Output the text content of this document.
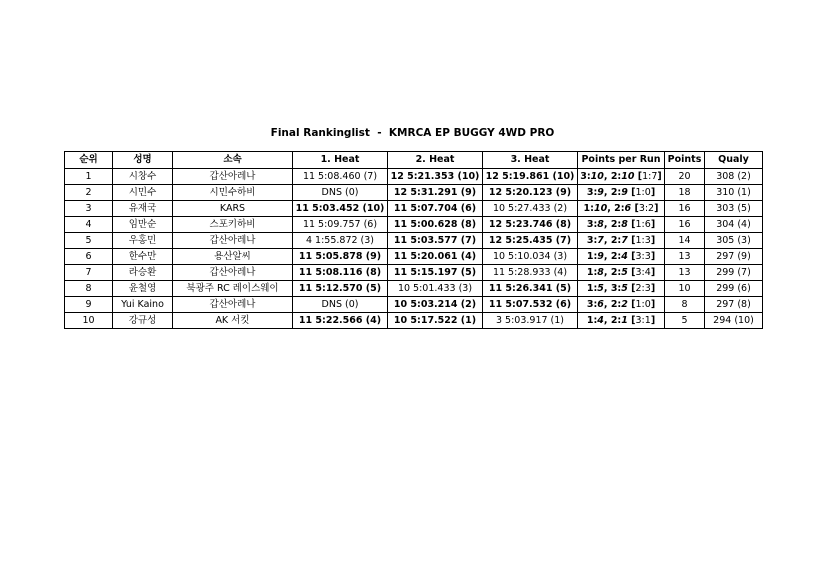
Final Rankinglist  -  KMRCA EP BUGGY 4WD PRO
순위	성명	소속	1. Heat	2. Heat	3. Heat	Points per Run	Points	Qualy
1	시창수	갑산아레나	11 5:08.460 (7)	12 5:21.353 (10)	12 5:19.861 (10)	3:10, 2:10 [1:7]	20	308 (2)
2	시민수	시민수하비	DNS (0)	12 5:31.291 (9)	12 5:20.123 (9)	3:9, 2:9 [1:0]	18	310 (1)
3	유재국	KARS	11 5:03.452 (10)	11 5:07.704 (6)	10 5:27.433 (2)	1:10, 2:6 [3:2]	16	303 (5)
4	임만순	스포키하비	11 5:09.757 (6)	11 5:00.628 (8)	12 5:23.746 (8)	3:8, 2:8 [1:6]	16	304 (4)
5	우홍민	갑산아레나	4 1:55.872 (3)	11 5:03.577 (7)	12 5:25.435 (7)	3:7, 2:7 [1:3]	14	305 (3)
6	한수만	용산알씨	11 5:05.878 (9)	11 5:20.061 (4)	10 5:10.034 (3)	1:9, 2:4 [3:3]	13	297 (9)
7	라승환	갑산아레나	11 5:08.116 (8)	11 5:15.197 (5)	11 5:28.933 (4)	1:8, 2:5 [3:4]	13	299 (7)
8	윤철영	북광주 RC 레이스웨이	11 5:12.570 (5)	10 5:01.433 (3)	11 5:26.341 (5)	1:5, 3:5 [2:3]	10	299 (6)
9	Yui Kaino	갑산아레나	DNS (0)	10 5:03.214 (2)	11 5:07.532 (6)	3:6, 2:2 [1:0]	8	297 (8)
10	강규성	AK 서킷	11 5:22.566 (4)	10 5:17.522 (1)	3 5:03.917 (1)	1:4, 2:1 [3:1]	5	294 (10)
